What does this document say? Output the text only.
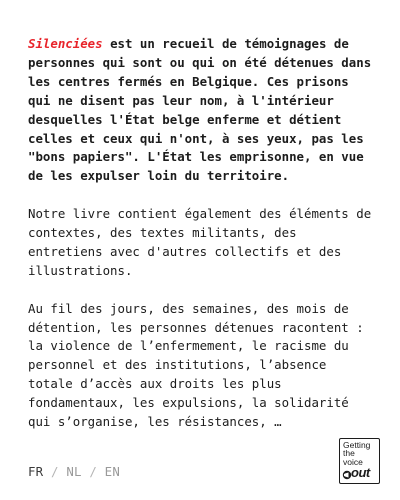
Silenciées est un recueil de témoignages de personnes qui sont ou qui on été détenues dans les centres fermés en Belgique. Ces prisons qui ne disent pas leur nom, à l'intérieur desquelles l'État belge enferme et détient celles et ceux qui n'ont, à ses yeux, pas les "bons papiers". L'État les emprisonne, en vue de les expulser loin du territoire.

Notre livre contient également des éléments de contextes, des textes militants, des entretiens avec d'autres collectifs et des illustrations.

Au fil des jours, des semaines, des mois de détention, les personnes détenues racontent : la violence de l’enfermement, le racisme du personnel et des institutions, l’absence totale d’accès aux droits les plus fondamentaux, les expulsions, la solidarité qui s’organise, les résistances, …

FR / NL / EN
Getting
the
voice
out
